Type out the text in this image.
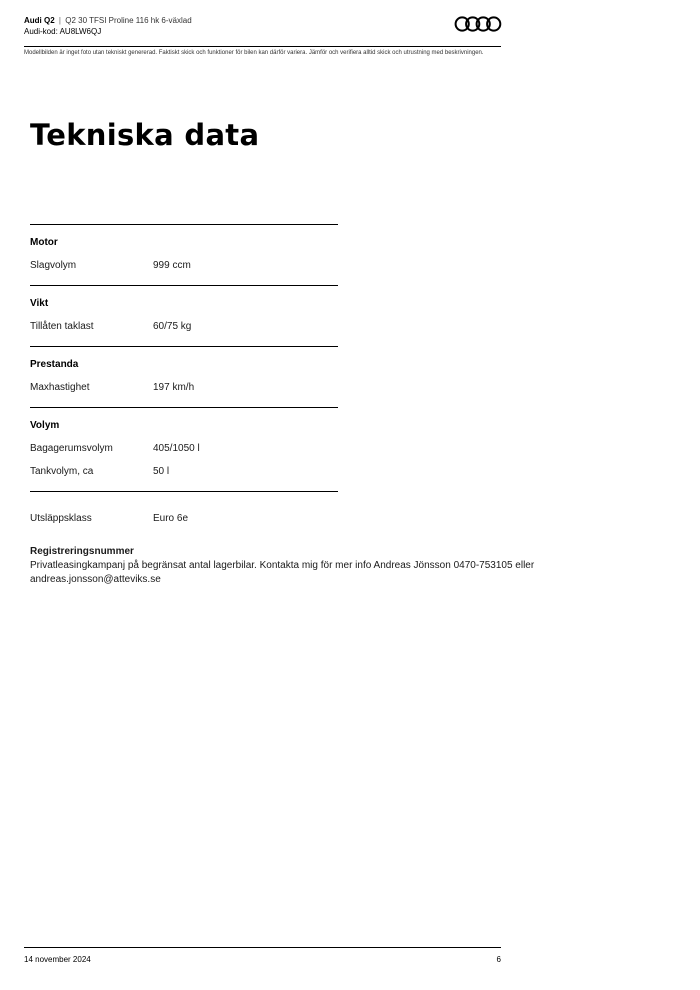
Audi Q2 | Q2 30 TFSI Proline 116 hk 6-växlad
Audi-kod: AU8LW6QJ
Modellbilden är inget foto utan tekniskt genererad. Faktiskt skick och funktioner för bilen kan därför variera. Jämför och verifiera alltid skick och utrustning med beskrivningen.
Tekniska data
Motor
Slagvolym	999 ccm
Vikt
Tillåten taklast	60/75 kg
Prestanda
Maxhastighet	197 km/h
Volym
Bagagerumsvolym	405/1050 l
Tankvolym, ca	50 l
Utsläppsklass	Euro 6e
Registreringsnummer
Privatleasingkampanj på begränsat antal lagerbilar. Kontakta mig för mer info Andreas Jönsson 0470-753105 eller andreas.jonsson@atteviks.se
14 november 2024	6
